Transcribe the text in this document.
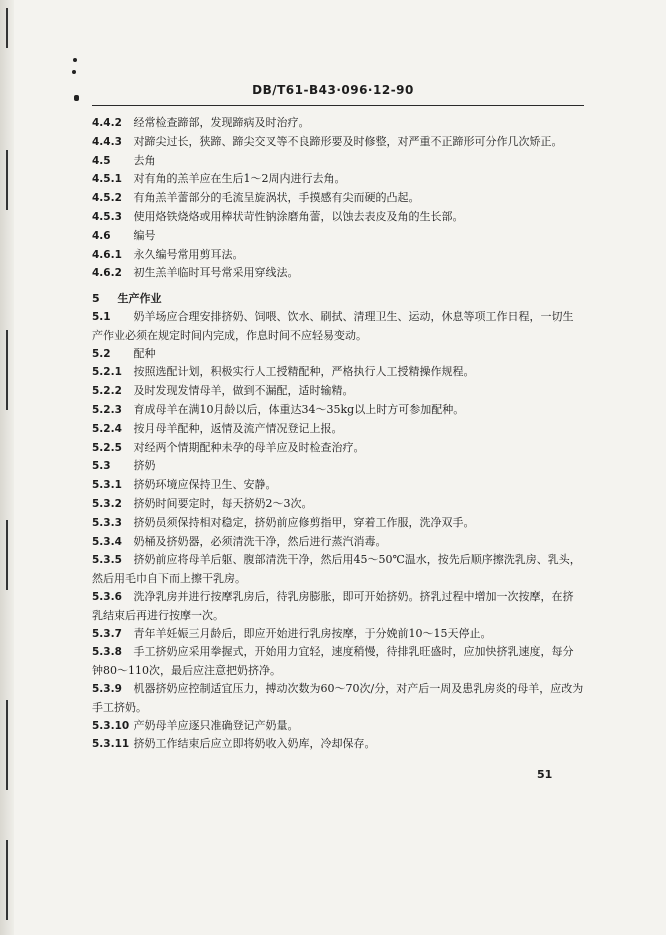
DB/T61-B43·096·12-90

4.4.2 经常检查蹄部，发现蹄病及时治疗。

4.4.3 对蹄尖过长，狭蹄、蹄尖交叉等不良蹄形要及时修整，对严重不正蹄形可分作几次矫正。

4.5 去角

4.5.1 对有角的羔羊应在生后1～2周内进行去角。

4.5.2 有角羔羊蕾部分的毛流呈旋涡状，手摸感有尖而硬的凸起。

4.5.3 使用烙铁烧烙或用棒状苛性钠涂磨角蕾，以蚀去表皮及角的生长部。

4.6 编号

4.6.1 永久编号常用剪耳法。

4.6.2 初生羔羊临时耳号常采用穿线法。

5 生产作业

5.1 奶羊场应合理安排挤奶、饲喂、饮水、刷拭、清理卫生、运动，休息等项工作日程，一切生产作业必须在规定时间内完成，作息时间不应轻易变动。

5.2 配种

5.2.1 按照选配计划，积极实行人工授精配种，严格执行人工授精操作规程。

5.2.2 及时发现发情母羊，做到不漏配，适时输精。

5.2.3 育成母羊在满10月龄以后，体重达34～35kg以上时方可参加配种。

5.2.4 按月母羊配种，返情及流产情况登记上报。

5.2.5 对经两个情期配种未孕的母羊应及时检查治疗。

5.3 挤奶

5.3.1 挤奶环境应保持卫生、安静。

5.3.2 挤奶时间要定时，每天挤奶2～3次。

5.3.3 挤奶员须保持相对稳定，挤奶前应修剪指甲，穿着工作服，洗净双手。

5.3.4 奶桶及挤奶器，必须清洗干净，然后进行蒸汽消毒。

5.3.5 挤奶前应将母羊后躯、腹部清洗干净，然后用45～50℃温水，按先后顺序擦洗乳房、乳头，然后用毛巾自下而上擦干乳房。

5.3.6 洗净乳房并进行按摩乳房后，待乳房膨胀，即可开始挤奶。挤乳过程中增加一次按摩，在挤乳结束后再进行按摩一次。

5.3.7 青年羊妊娠三月龄后，即应开始进行乳房按摩，于分娩前10～15天停止。

5.3.8 手工挤奶应采用拳握式，开始用力宜轻，速度稍慢，待排乳旺盛时，应加快挤乳速度，每分钟80～110次，最后应注意把奶挤净。

5.3.9 机器挤奶应控制适宜压力，搏动次数为60～70次/分，对产后一周及患乳房炎的母羊，应改为手工挤奶。

5.3.10 产奶母羊应逐只准确登记产奶量。

5.3.11 挤奶工作结束后应立即将奶收入奶库，冷却保存。

51
